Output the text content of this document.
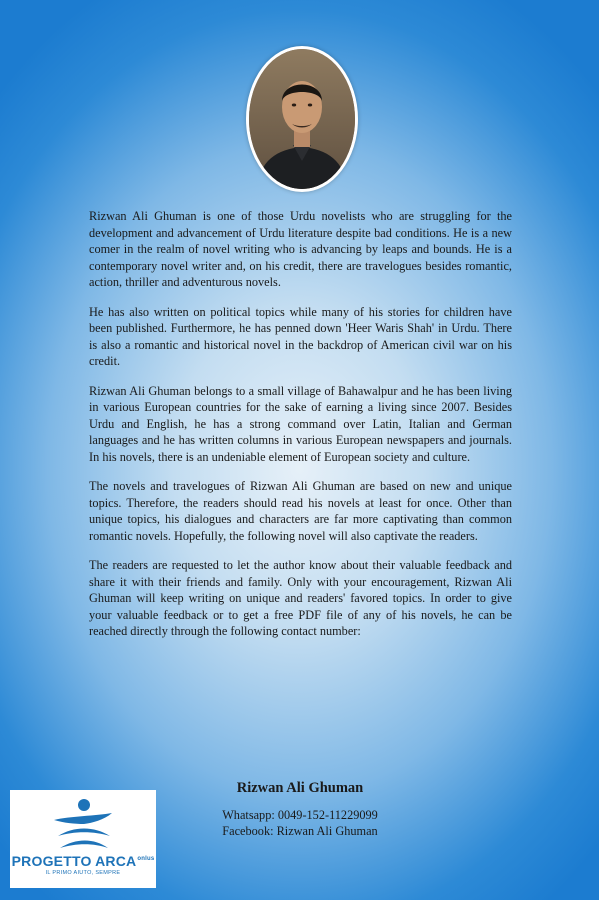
Rizwan Ali Ghuman is one of those Urdu novelists who are struggling for the development and advancement of Urdu literature despite bad conditions. He is a new comer in the realm of novel writing who is advancing by leaps and bounds. He is a contemporary novel writer and, on his credit, there are travelogues besides romantic, action, thriller and adventurous novels.

He has also written on political topics while many of his stories for children have been published. Furthermore, he has penned down 'Heer Waris Shah' in Urdu. There is also a romantic and historical novel in the backdrop of American civil war on his credit.

Rizwan Ali Ghuman belongs to a small village of Bahawalpur and he has been living in various European countries for the sake of earning a living since 2007. Besides Urdu and English, he has a strong command over Latin, Italian and German languages and he has written columns in various European newspapers and journals. In his novels, there is an undeniable element of European society and culture.

The novels and travelogues of Rizwan Ali Ghuman are based on new and unique topics. Therefore, the readers should read his novels at least for once. Other than unique topics, his dialogues and characters are far more captivating than common romantic novels. Hopefully, the following novel will also captivate the readers.

The readers are requested to let the author know about their valuable feedback and share it with their friends and family. Only with your encouragement, Rizwan Ali Ghuman will keep writing on unique and readers' favored topics. In order to give your valuable feedback or to get a free PDF file of any of his novels, he can be reached directly through the following contact number:

Rizwan Ali Ghuman
Whatsapp: 0049-152-11229099
Facebook: Rizwan Ali Ghuman
PROGETTO $ARCA^{onlus}$
IL PRIMO AIUTO, SEMPRE
